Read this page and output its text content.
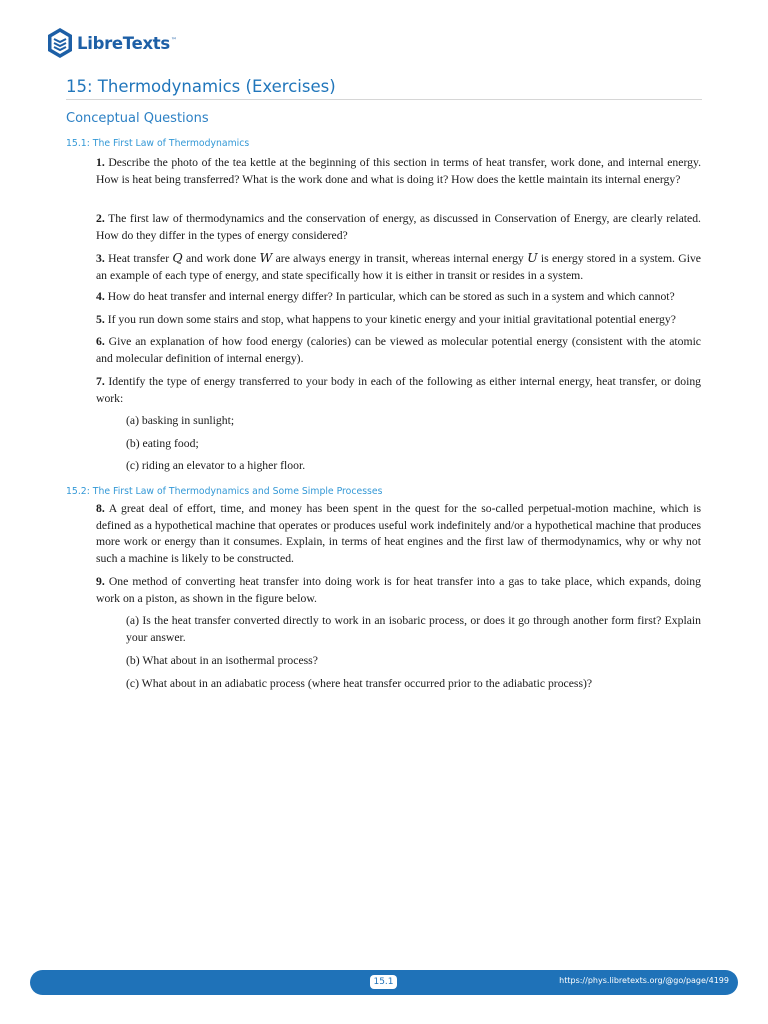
LibreTexts™
15: Thermodynamics (Exercises)
Conceptual Questions
15.1: The First Law of Thermodynamics

1. Describe the photo of the tea kettle at the beginning of this section in terms of heat transfer, work done, and internal energy. How is heat being transferred? What is the work done and what is doing it? How does the kettle maintain its internal energy?

2. The first law of thermodynamics and the conservation of energy, as discussed in Conservation of Energy, are clearly related. How do they differ in the types of energy considered?

3. Heat transfer Q and work done W are always energy in transit, whereas internal energy U is energy stored in a system. Give an example of each type of energy, and state specifically how it is either in transit or resides in a system.

4. How do heat transfer and internal energy differ? In particular, which can be stored as such in a system and which cannot?

5. If you run down some stairs and stop, what happens to your kinetic energy and your initial gravitational potential energy?

6. Give an explanation of how food energy (calories) can be viewed as molecular potential energy (consistent with the atomic and molecular definition of internal energy).

7. Identify the type of energy transferred to your body in each of the following as either internal energy, heat transfer, or doing work:

(a) basking in sunlight;

(b) eating food;

(c) riding an elevator to a higher floor.

15.2: The First Law of Thermodynamics and Some Simple Processes

8. A great deal of effort, time, and money has been spent in the quest for the so-called perpetual-motion machine, which is defined as a hypothetical machine that operates or produces useful work indefinitely and/or a hypothetical machine that produces more work or energy than it consumes. Explain, in terms of heat engines and the first law of thermodynamics, why or why not such a machine is likely to be constructed.

9. One method of converting heat transfer into doing work is for heat transfer into a gas to take place, which expands, doing work on a piston, as shown in the figure below.

(a) Is the heat transfer converted directly to work in an isobaric process, or does it go through another form first? Explain your answer.

(b) What about in an isothermal process?

(c) What about in an adiabatic process (where heat transfer occurred prior to the adiabatic process)?

15.1	https://phys.libretexts.org/@go/page/4199
